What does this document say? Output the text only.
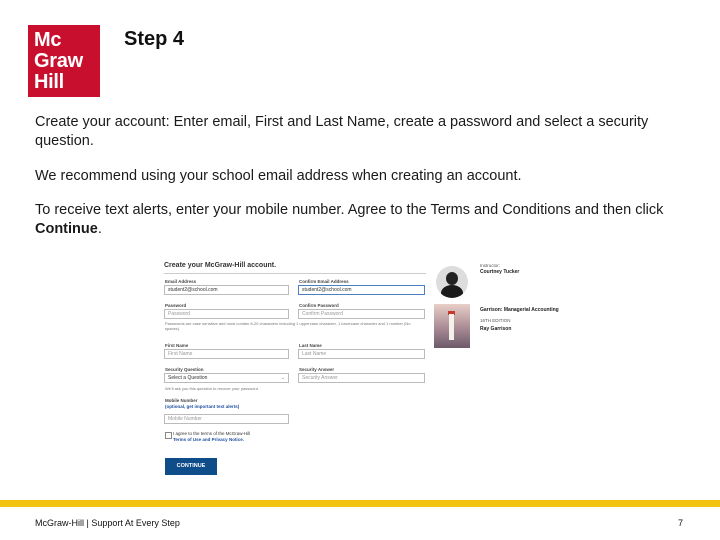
Mc
Graw
Hill
Step 4
Create your account: Enter email, First and Last Name, create a password and select a security question.
We recommend using your school email address when creating an account.
To receive text alerts, enter your mobile number. Agree to the Terms and Conditions and then click Continue.
Create your McGraw-Hill account.
Email Address
student2@school.com
Confirm Email Address
student2@school.com
Password
Password
Confirm Password
Confirm Password
Passwords are case sensitive and must contain 8-20 characters including 1 uppercase character, 1 lowercase character and 1 number (No spaces).
First Name
First Name
Last Name
Last Name
Security Question
Select a Question	⌄
Security Answer
Security Answer
We'll ask you this question to recover your password
Mobile Number
(optional, get important text alerts)
Mobile Number
I agree to the terms of the McGraw-Hill
Terms of Use and Privacy Notice.
CONTINUE
Instructor:
Courtney Tucker
Garrison: Managerial Accounting
16TH EDITION
Ray Garrison
McGraw-Hill | Support At Every Step	7
